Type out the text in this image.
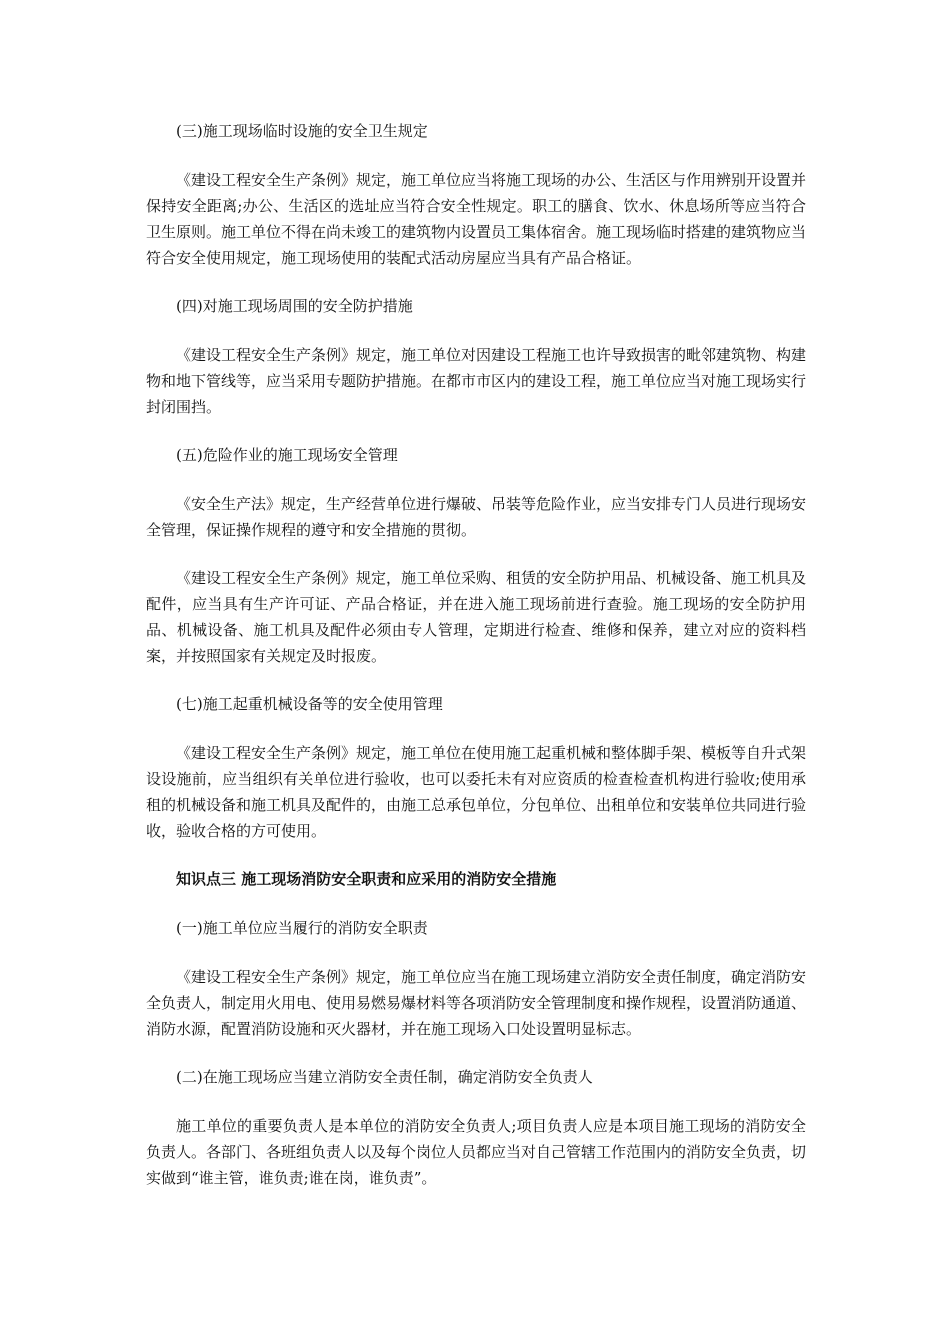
(三)施工现场临时设施的安全卫生规定

《建设工程安全生产条例》规定，施工单位应当将施工现场的办公、生活区与作用辨别开设置并保持安全距离;办公、生活区的选址应当符合安全性规定。职工的膳食、饮水、休息场所等应当符合卫生原则。施工单位不得在尚未竣工的建筑物内设置员工集体宿舍。施工现场临时搭建的建筑物应当符合安全使用规定，施工现场使用的装配式活动房屋应当具有产品合格证。

(四)对施工现场周围的安全防护措施

《建设工程安全生产条例》规定，施工单位对因建设工程施工也许导致损害的毗邻建筑物、构建物和地下管线等，应当采用专题防护措施。在都市市区内的建设工程，施工单位应当对施工现场实行封闭围挡。

(五)危险作业的施工现场安全管理

《安全生产法》规定，生产经营单位进行爆破、吊装等危险作业，应当安排专门人员进行现场安全管理，保证操作规程的遵守和安全措施的贯彻。

《建设工程安全生产条例》规定，施工单位采购、租赁的安全防护用品、机械设备、施工机具及配件，应当具有生产许可证、产品合格证，并在进入施工现场前进行查验。施工现场的安全防护用品、机械设备、施工机具及配件必须由专人管理，定期进行检查、维修和保养，建立对应的资料档案，并按照国家有关规定及时报废。

(七)施工起重机械设备等的安全使用管理

《建设工程安全生产条例》规定，施工单位在使用施工起重机械和整体脚手架、模板等自升式架设设施前，应当组织有关单位进行验收，也可以委托未有对应资质的检查检查机构进行验收;使用承租的机械设备和施工机具及配件的，由施工总承包单位，分包单位、出租单位和安装单位共同进行验收，验收合格的方可使用。

知识点三 施工现场消防安全职责和应采用的消防安全措施
(一)施工单位应当履行的消防安全职责

《建设工程安全生产条例》规定，施工单位应当在施工现场建立消防安全责任制度，确定消防安全负责人，制定用火用电、使用易燃易爆材料等各项消防安全管理制度和操作规程，设置消防通道、消防水源，配置消防设施和灭火器材，并在施工现场入口处设置明显标志。

(二)在施工现场应当建立消防安全责任制，确定消防安全负责人

施工单位的重要负责人是本单位的消防安全负责人;项目负责人应是本项目施工现场的消防安全负责人。各部门、各班组负责人以及每个岗位人员都应当对自己管辖工作范围内的消防安全负责，切实做到“谁主管，谁负责;谁在岗，谁负责”。
